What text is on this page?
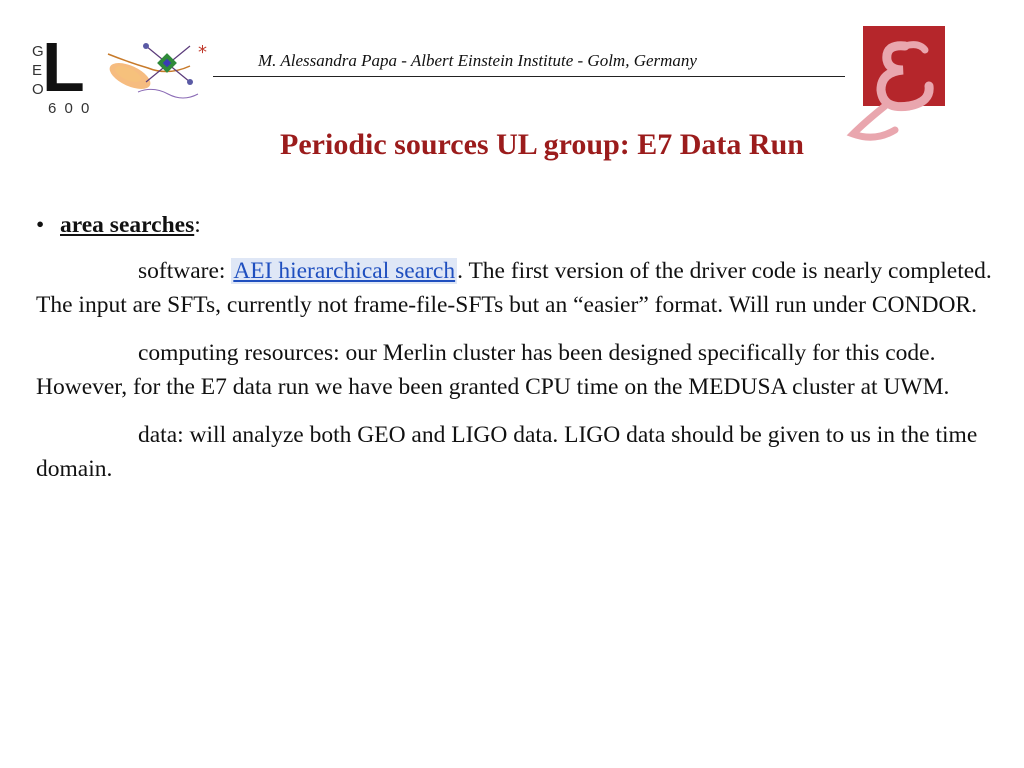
G
E
O
L
6 0 0
*	M. Alessandra Papa - Albert Einstein Institute - Golm, Germany
Periodic sources UL group: E7 Data Run

• area searches:

software: AEI hierarchical search. The first version of the driver code is nearly completed. The input are SFTs, currently not frame-file-SFTs but an “easier” format. Will run under CONDOR.

computing resources: our Merlin cluster has been designed specifically for this code. However, for the E7 data run we have been granted CPU time on the MEDUSA cluster at UWM.

data: will analyze both GEO and LIGO data. LIGO data should be given to us in the time domain.
